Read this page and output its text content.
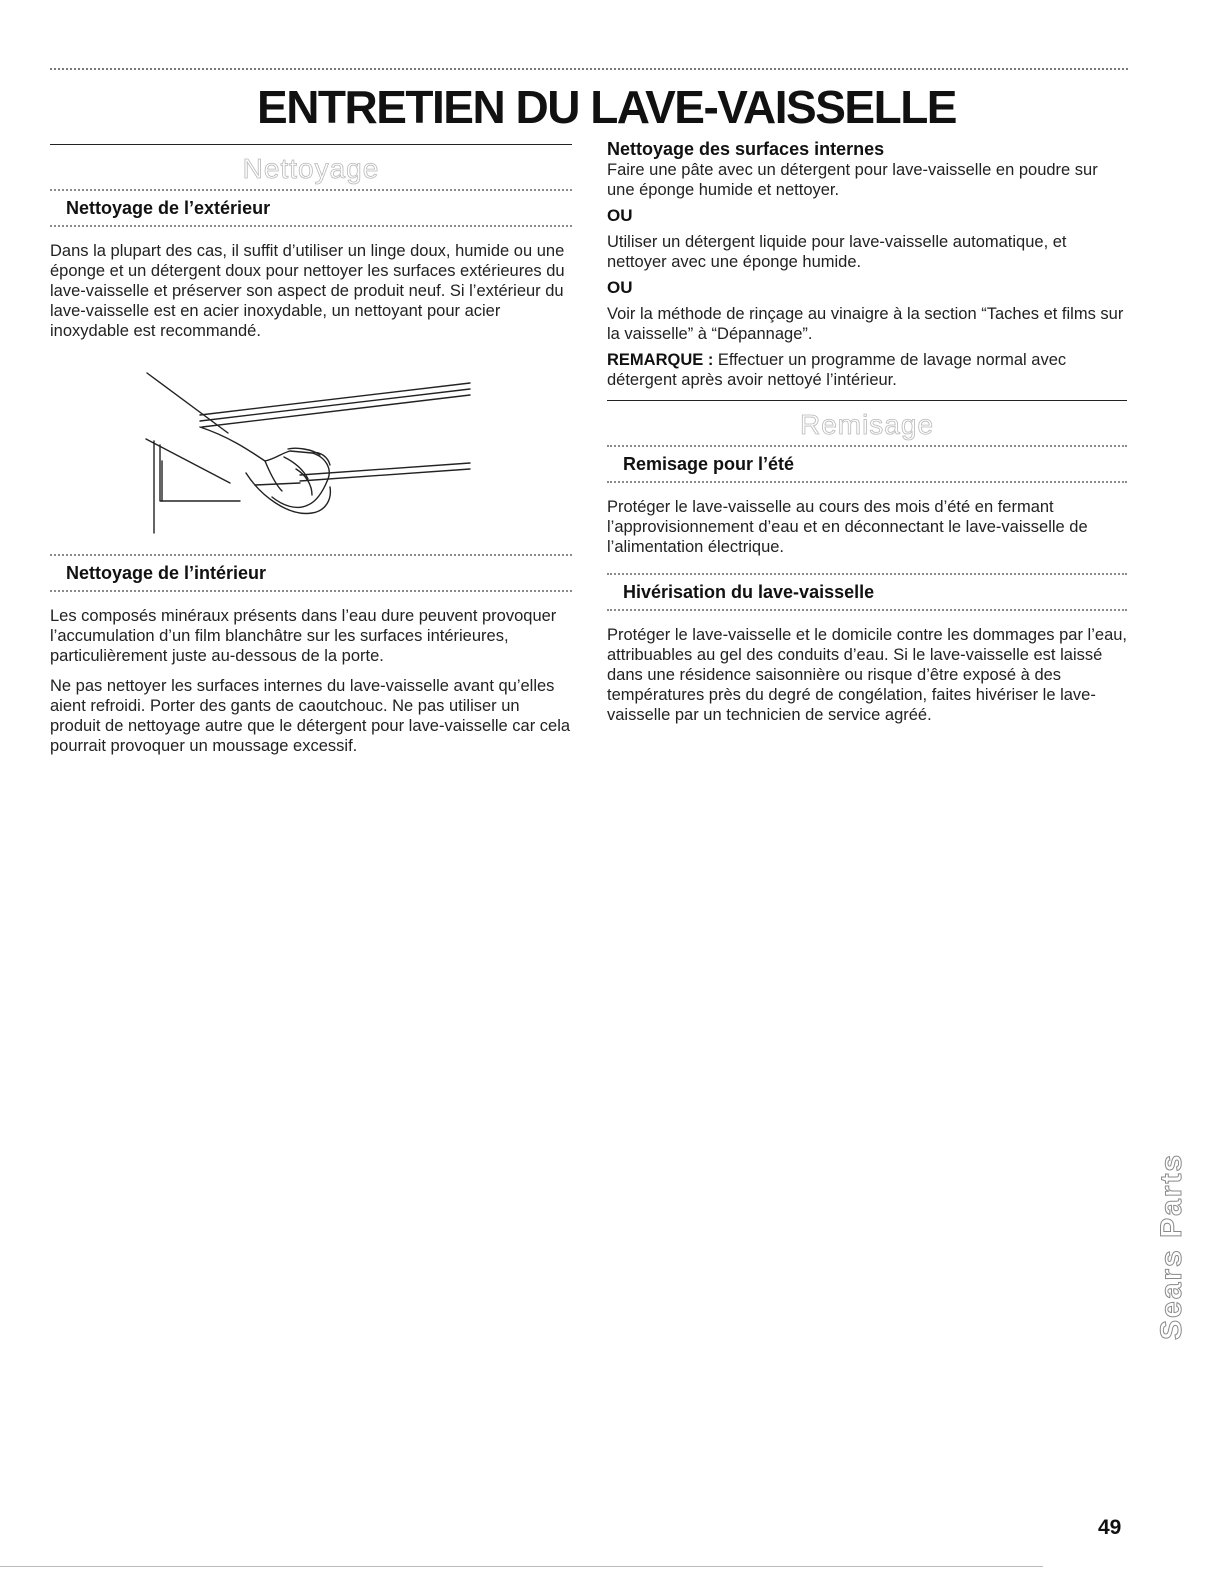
ENTRETIEN DU LAVE-VAISSELLE
Nettoyage
Nettoyage de l’extérieur

Dans la plupart des cas, il suffit d’utiliser un linge doux, humide ou une éponge et un détergent doux pour nettoyer les surfaces extérieures du lave-vaisselle et préserver son aspect de produit neuf. Si l’extérieur du lave-vaisselle est en acier inoxydable, un nettoyant pour acier inoxydable est recommandé.

Nettoyage de l’intérieur

Les composés minéraux présents dans l’eau dure peuvent provoquer l’accumulation d’un film blanchâtre sur les surfaces intérieures, particulièrement juste au-dessous de la porte.

Ne pas nettoyer les surfaces internes du lave-vaisselle avant qu’elles aient refroidi. Porter des gants de caoutchouc. Ne pas utiliser un produit de nettoyage autre que le détergent pour lave-vaisselle car cela pourrait provoquer un moussage excessif.

Nettoyage des surfaces internes

Faire une pâte avec un détergent pour lave-vaisselle en poudre sur une éponge humide et nettoyer.

OU

Utiliser un détergent liquide pour lave-vaisselle automatique, et nettoyer avec une éponge humide.

OU

Voir la méthode de rinçage au vinaigre à la section “Taches et films sur la vaisselle” à “Dépannage”.

REMARQUE : Effectuer un programme de lavage normal avec détergent après avoir nettoyé l’intérieur.

Remisage
Remisage pour l’été

Protéger le lave-vaisselle au cours des mois d’été en fermant l’approvisionnement d’eau et en déconnectant le lave-vaisselle de l’alimentation électrique.

Hivérisation du lave-vaisselle

Protéger le lave-vaisselle et le domicile contre les dommages par l’eau, attribuables au gel des conduits d’eau. Si le lave-vaisselle est laissé dans une résidence saisonnière ou risque d’être exposé à des températures près du degré de congélation, faites hivériser le lave-vaisselle par un technicien de service agréé.

Sears Parts
49
